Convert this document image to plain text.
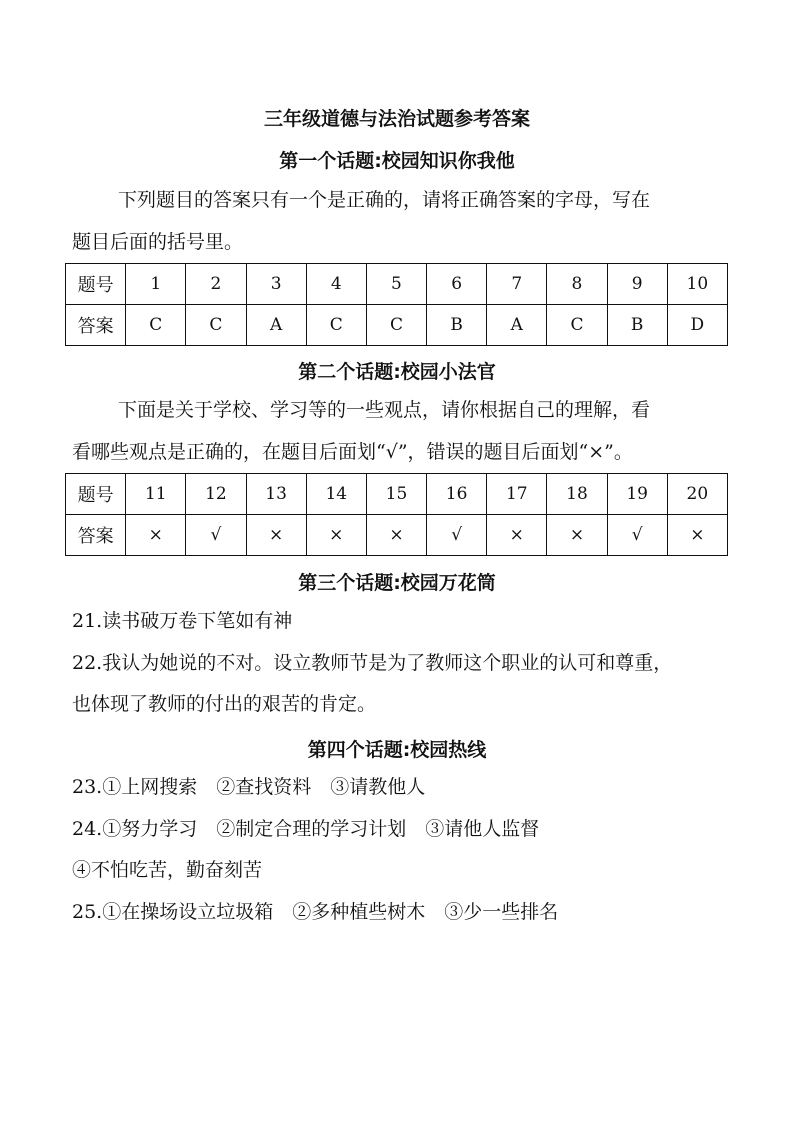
三年级道德与法治试题参考答案
第一个话题:校园知识你我他
下列题目的答案只有一个是正确的，请将正确答案的字母，写在
题目后面的括号里。
题号	1	2	3	4	5	6	7	8	9	10
答案	C	C	A	C	C	B	A	C	B	D
第二个话题:校园小法官
下面是关于学校、学习等的一些观点，请你根据自己的理解，看
看哪些观点是正确的，在题目后面划“√”，错误的题目后面划“×”。
题号	11	12	13	14	15	16	17	18	19	20
答案	×	√	×	×	×	√	×	×	√	×
第三个话题:校园万花筒
21.读书破万卷下笔如有神
22.我认为她说的不对。设立教师节是为了教师这个职业的认可和尊重，
也体现了教师的付出的艰苦的肯定。
第四个话题:校园热线
23.①上网搜索　②查找资料　③请教他人
24.①努力学习　②制定合理的学习计划　③请他人监督
④不怕吃苦，勤奋刻苦
25.①在操场设立垃圾箱　②多种植些树木　③少一些排名
